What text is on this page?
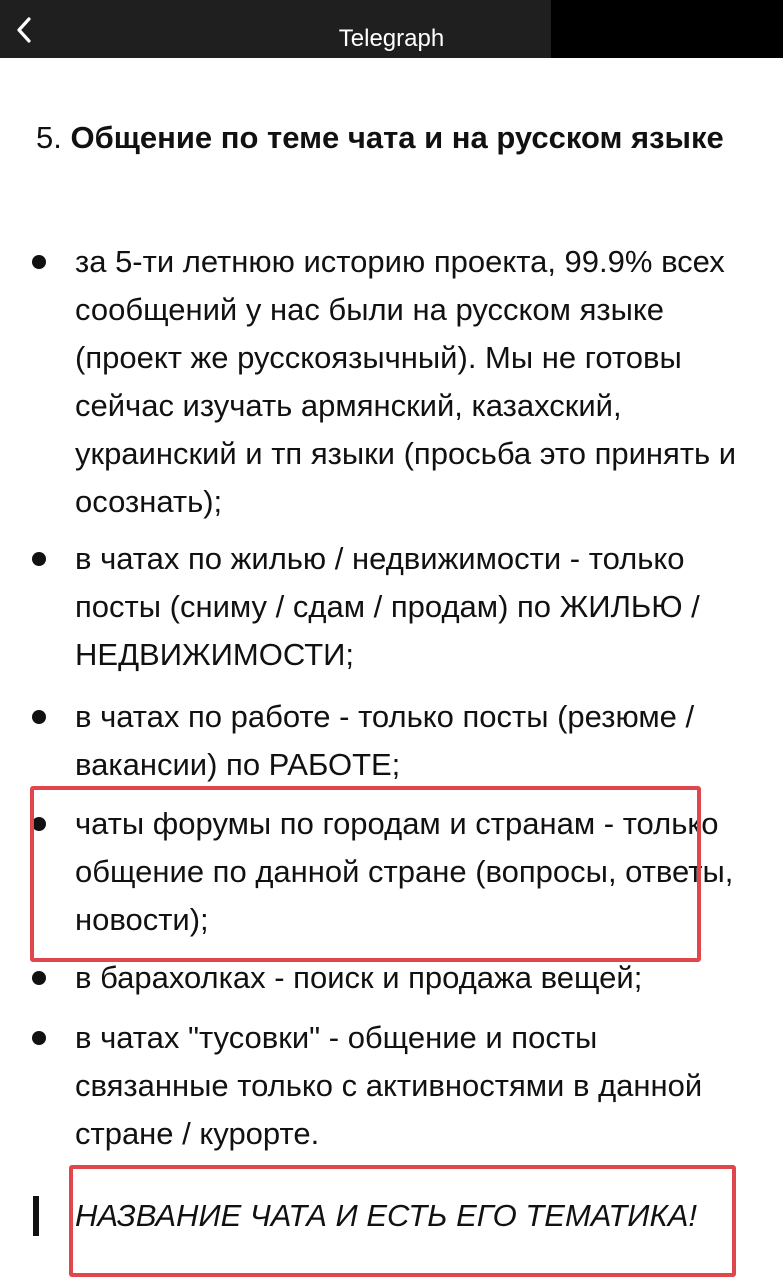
Telegraph
5. Общение по теме чата и на русском языке
за 5-ти летнюю историю проекта, 99.9% всех сообщений у нас были на русском языке (проект же русскоязычный). Мы не готовы сейчас изучать армянский, казахский, украинский и тп языки (просьба это принять и осознать);
в чатах по жилью / недвижимости - только посты (сниму / сдам / продам) по ЖИЛЬЮ / НЕДВИЖИМОСТИ;
в чатах по работе - только посты (резюме / вакансии) по РАБОТЕ;
чаты форумы по городам и странам - только общение по данной стране (вопросы, ответы, новости);
в барахолках - поиск и продажа вещей;
в чатах "тусовки" - общение и посты связанные только с активностями в данной стране / курорте.
НАЗВАНИЕ ЧАТА И ЕСТЬ ЕГО ТЕМАТИКА!
